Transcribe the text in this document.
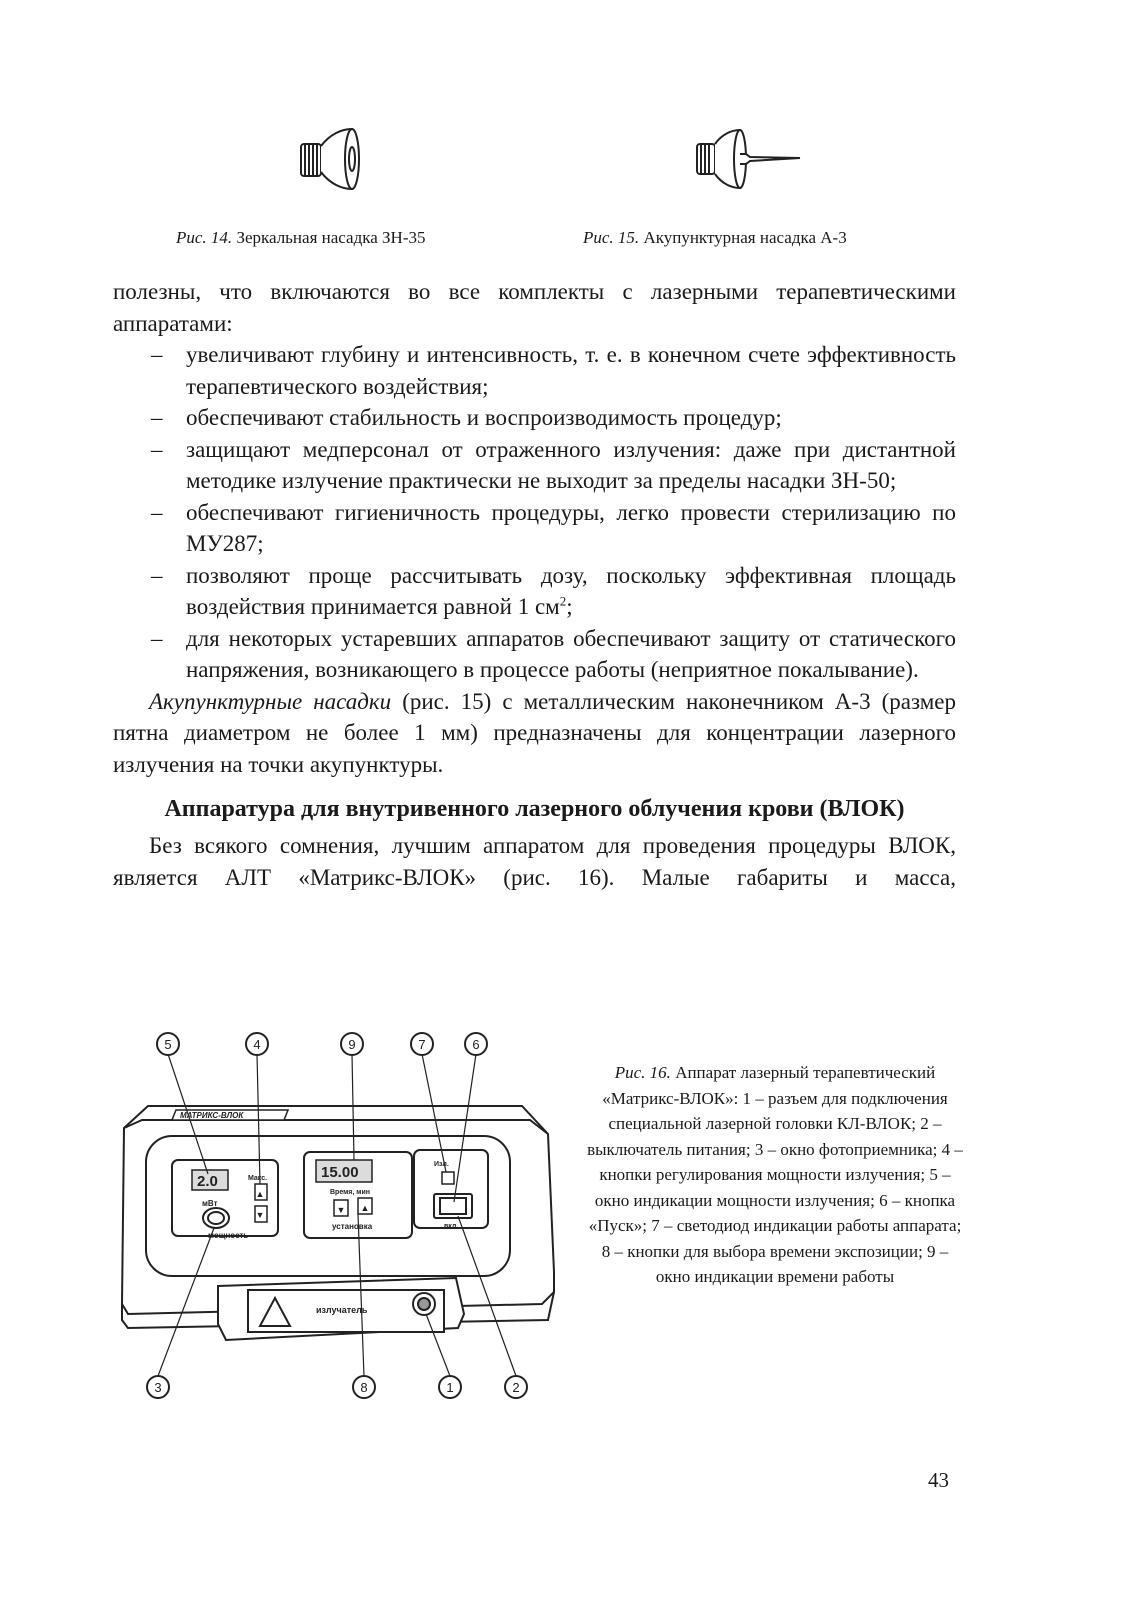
Рис. 14. Зеркальная насадка ЗН-35	Рис. 15. Акупунктурная насадка А-3

полезны, что включаются во все комплекты с лазерными терапевтическими аппаратами:

– увеличивают глубину и интенсивность, т. е. в конечном счете эффективность терапевтического воздействия;
– обеспечивают стабильность и воспроизводимость процедур;
– защищают медперсонал от отраженного излучения: даже при дистантной методике излучение практически не выходит за пределы насадки ЗН-50;
– обеспечивают гигиеничность процедуры, легко провести стерилизацию по МУ287;
– позволяют проще рассчитывать дозу, поскольку эффективная площадь воздействия принимается равной 1 $см^2$;
– для некоторых устаревших аппаратов обеспечивают защиту от статического напряжения, возникающего в процессе работы (неприятное покалывание).

Акупунктурные насадки (рис. 15) с металлическим наконечником А-3 (размер пятна диаметром не более 1 мм) предназначены для концентрации лазерного излучения на точки акупунктуры.

Аппаратура для внутривенного лазерного облучения крови (ВЛОК)

Без всякого сомнения, лучшим аппаратом для проведения процедуры ВЛОК, является АЛТ «Матрикс-ВЛОК» (рис. 16). Малые габариты и масса,

МАТРИКС-ВЛОК
2.0
мВт
Макс.
мощность
15.00
Время, мин
установка
Изл.
вкл.
излучатель
▲
▼	▼ ▲
5	4	9	7	6
3	8	1	2
Рис. 16. Аппарат лазерный терапевтический «Матрикс-ВЛОК»: 1 – разъем для подключения специальной лазерной головки КЛ-ВЛОК; 2 – выключатель питания; 3 – окно фотоприемника; 4 – кнопки регулирования мощности излучения; 5 – окно индикации мощности излучения; 6 – кнопка «Пуск»; 7 – светодиод индикации работы аппарата; 8 – кнопки для выбора времени экспозиции; 9 – окно индикации времени работы
43
